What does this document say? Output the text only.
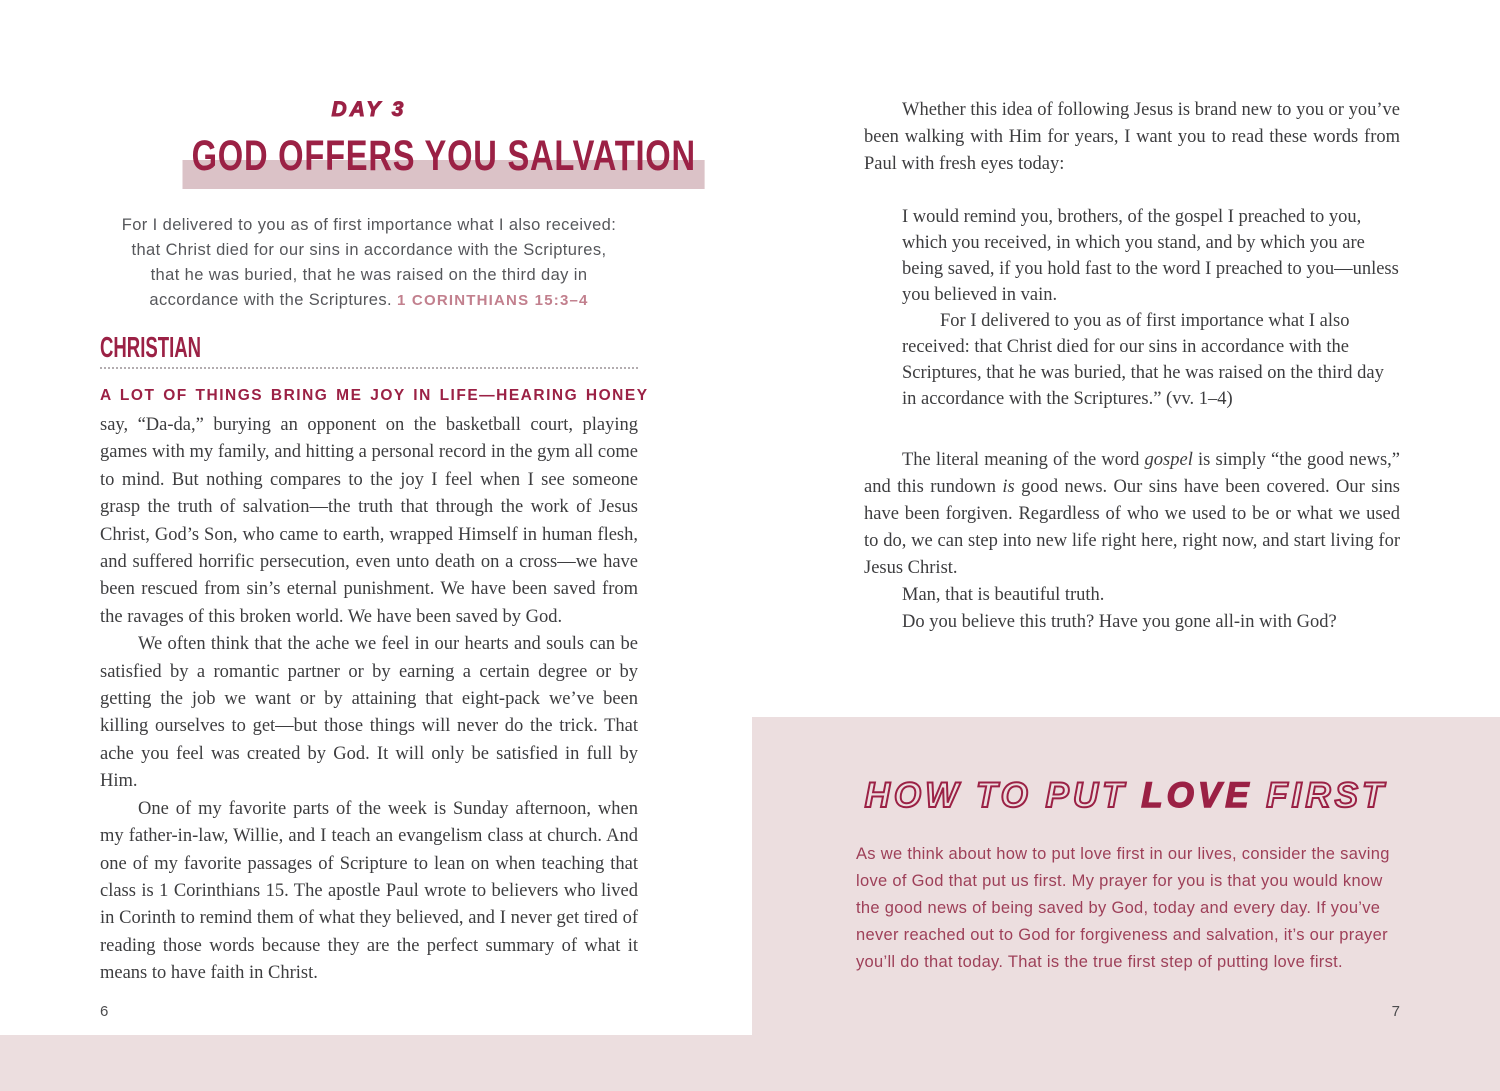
DAY 3
GOD OFFERS YOU SALVATION
For I delivered to you as of first importance what I also received:
that Christ died for our sins in accordance with the Scriptures,
that he was buried, that he was raised on the third day in
accordance with the Scriptures. 1 CORINTHIANS 15:3–4
CHRISTIAN
A LOT OF THINGS BRING ME JOY IN LIFE—HEARING HONEY

say, “Da-da,” burying an opponent on the basketball court, playing games with my family, and hitting a personal record in the gym all come to mind. But nothing compares to the joy I feel when I see someone grasp the truth of salvation—the truth that through the work of Jesus Christ, God’s Son, who came to earth, wrapped Himself in human flesh, and suffered horrific persecution, even unto death on a cross—we have been rescued from sin’s eternal punishment. We have been saved from the ravages of this broken world. We have been saved by God.

We often think that the ache we feel in our hearts and souls can be satisfied by a romantic partner or by earning a certain degree or by getting the job we want or by attaining that eight-pack we’ve been killing ourselves to get—but those things will never do the trick. That ache you feel was created by God. It will only be satisfied in full by Him.

One of my favorite parts of the week is Sunday afternoon, when my father-in-law, Willie, and I teach an evangelism class at church. And one of my favorite passages of Scripture to lean on when teaching that class is 1 Corinthians 15. The apostle Paul wrote to believers who lived in Corinth to remind them of what they believed, and I never get tired of reading those words because they are the perfect summary of what it means to have faith in Christ.

Whether this idea of following Jesus is brand new to you or you’ve been walking with Him for years, I want you to read these words from Paul with fresh eyes today:

I would remind you, brothers, of the gospel I preached to you, which you received, in which you stand, and by which you are being saved, if you hold fast to the word I preached to you—unless you believed in vain.

For I delivered to you as of first importance what I also received: that Christ died for our sins in accordance with the Scriptures, that he was buried, that he was raised on the third day in accordance with the Scriptures.” (vv. 1–4)

The literal meaning of the word gospel is simply “the good news,” and this rundown is good news. Our sins have been covered. Our sins have been forgiven. Regardless of who we used to be or what we used to do, we can step into new life right here, right now, and start living for Jesus Christ.

Man, that is beautiful truth.

Do you believe this truth? Have you gone all-in with God?

HOW TO PUT LOVE FIRST
As we think about how to put love first in our lives, consider the saving love of God that put us first. My prayer for you is that you would know the good news of being saved by God, today and every day. If you’ve never reached out to God for forgiveness and salvation, it’s our prayer you’ll do that today. That is the true first step of putting love first.
6	7
